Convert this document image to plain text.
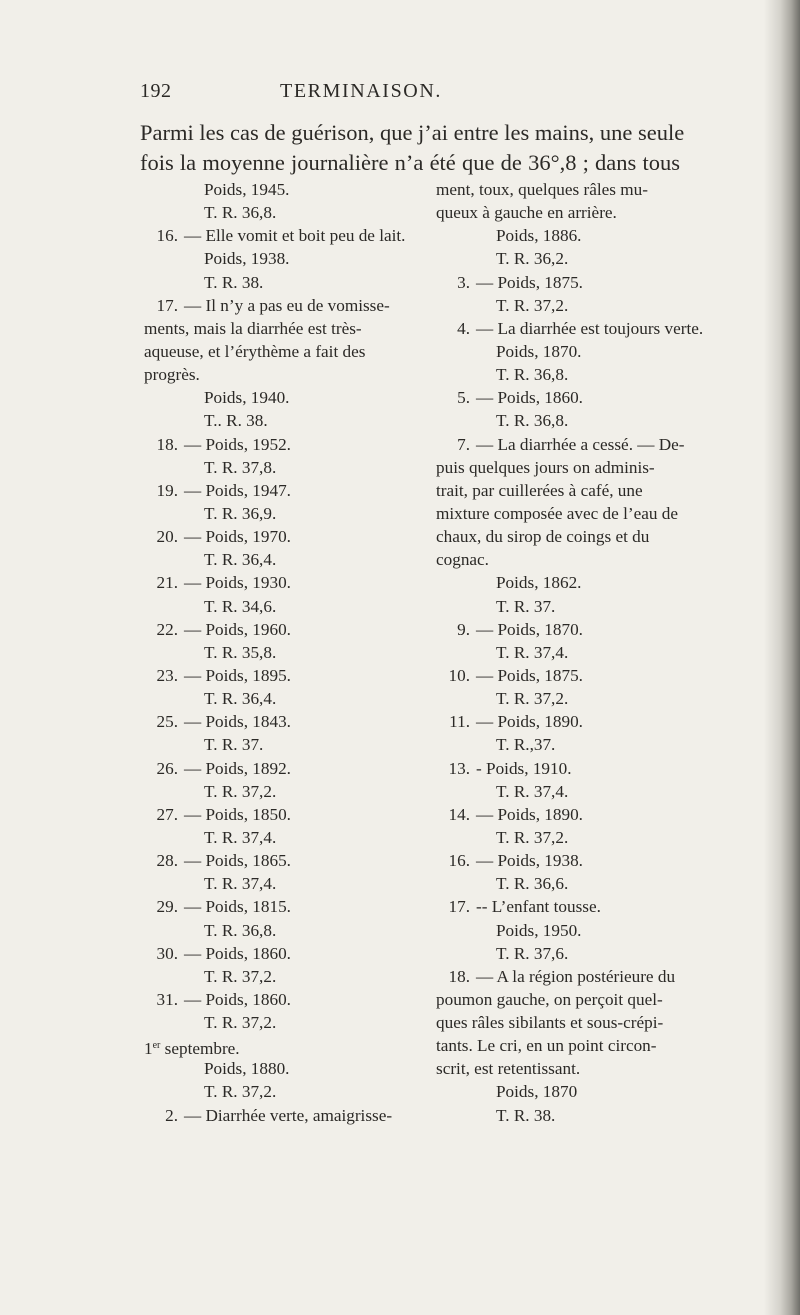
192	TERMINAISON.
Parmi les cas de guérison, que j’ai entre les mains, une seule
fois la moyenne journalière n’a été que de 36°,8 ; dans tous
Poids, 1945.
T. R. 36,8.
16. — Elle vomit et boit peu de lait.
Poids, 1938.
T. R. 38.
17. — Il n’y a pas eu de vomisse-
ments, mais la diarrhée est très-
aqueuse, et l’érythème a fait des
progrès.
Poids, 1940.
T.. R. 38.
18. — Poids, 1952.
T. R. 37,8.
19. — Poids, 1947.
T. R. 36,9.
20. — Poids, 1970.
T. R. 36,4.
21. — Poids, 1930.
T. R. 34,6.
22. — Poids, 1960.
T. R. 35,8.
23. — Poids, 1895.
T. R. 36,4.
25. — Poids, 1843.
T. R. 37.
26. — Poids, 1892.
T. R. 37,2.
27. — Poids, 1850.
T. R. 37,4.
28. — Poids, 1865.
T. R. 37,4.
29. — Poids, 1815.
T. R. 36,8.
30. — Poids, 1860.
T. R. 37,2.
31. — Poids, 1860.
T. R. 37,2.
1er septembre.
Poids, 1880.
T. R. 37,2.
2. — Diarrhée verte, amaigrisse-
ment, toux, quelques râles mu-
queux à gauche en arrière.
Poids, 1886.
T. R. 36,2.
3. — Poids, 1875.
T. R. 37,2.
4. — La diarrhée est toujours verte.
Poids, 1870.
T. R. 36,8.
5. — Poids, 1860.
T. R. 36,8.
7. — La diarrhée a cessé. — De-
puis quelques jours on adminis-
trait, par cuillerées à café, une
mixture composée avec de l’eau de
chaux, du sirop de coings et du
cognac.
Poids, 1862.
T. R. 37.
9. — Poids, 1870.
T. R. 37,4.
10. — Poids, 1875.
T. R. 37,2.
11. — Poids, 1890.
T. R.,37.
13. - Poids, 1910.
T. R. 37,4.
14. — Poids, 1890.
T. R. 37,2.
16. — Poids, 1938.
T. R. 36,6.
17. -- L’enfant tousse.
Poids, 1950.
T. R. 37,6.
18. — A la région postérieure du
poumon gauche, on perçoit quel-
ques râles sibilants et sous-crépi-
tants. Le cri, en un point circon-
scrit, est retentissant.
Poids, 1870
T. R. 38.
